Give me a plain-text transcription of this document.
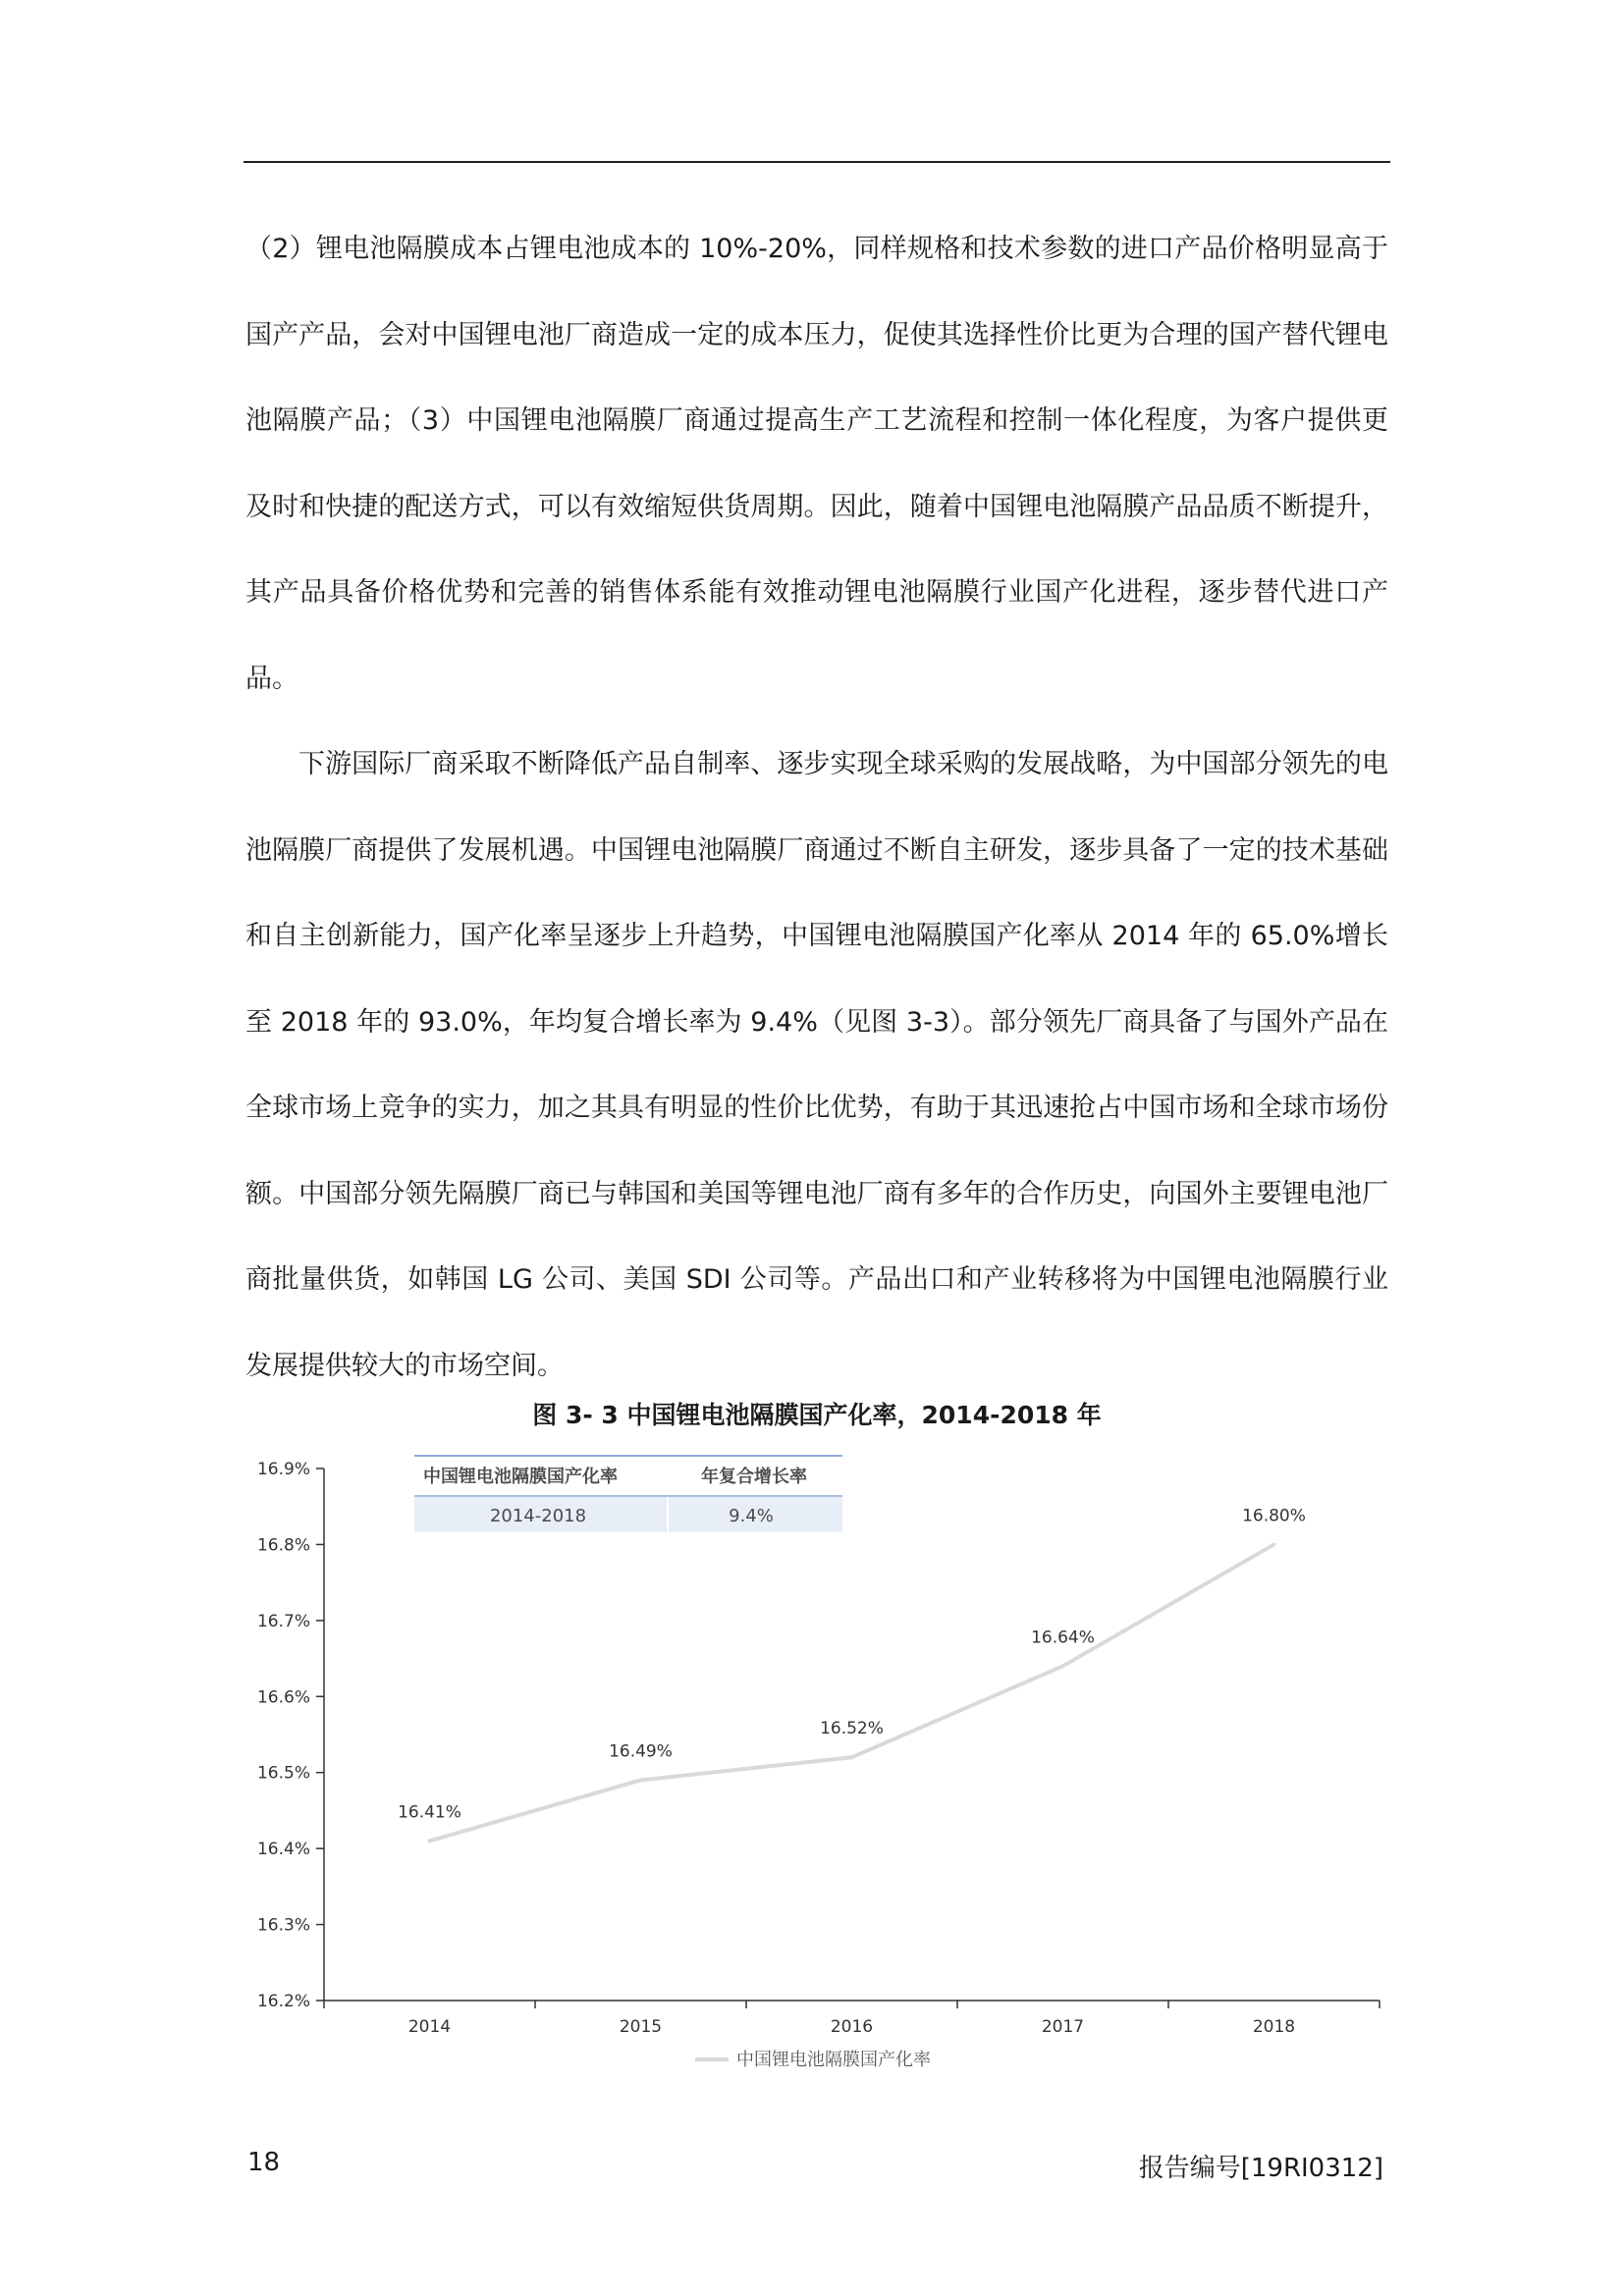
（2）锂电池隔膜成本占锂电池成本的 10%-20%，同样规格和技术参数的进口产品价格明显高于国产产品，会对中国锂电池厂商造成一定的成本压力，促使其选择性价比更为合理的国产替代锂电池隔膜产品；（3）中国锂电池隔膜厂商通过提高生产工艺流程和控制一体化程度，为客户提供更及时和快捷的配送方式，可以有效缩短供货周期。因此，随着中国锂电池隔膜产品品质不断提升，其产品具备价格优势和完善的销售体系能有效推动锂电池隔膜行业国产化进程，逐步替代进口产品。

下游国际厂商采取不断降低产品自制率、逐步实现全球采购的发展战略，为中国部分领先的电池隔膜厂商提供了发展机遇。中国锂电池隔膜厂商通过不断自主研发，逐步具备了一定的技术基础和自主创新能力，国产化率呈逐步上升趋势，中国锂电池隔膜国产化率从 2014 年的 65.0%增长至 2018 年的 93.0%，年均复合增长率为 9.4%（见图 3-3）。部分领先厂商具备了与国外产品在全球市场上竞争的实力，加之其具有明显的性价比优势，有助于其迅速抢占中国市场和全球市场份额。中国部分领先隔膜厂商已与韩国和美国等锂电池厂商有多年的合作历史，向国外主要锂电池厂商批量供货，如韩国 LG 公司、美国 SDI 公司等。产品出口和产业转移将为中国锂电池隔膜行业发展提供较大的市场空间。

图 3- 3 中国锂电池隔膜国产化率，2014-2018 年
中国锂电池隔膜国产化率	年复合增长率
2014-2018	9.4%
16.2%
16.3%
16.4%
16.5%
16.6%
16.7%
16.8%
16.9%
2014	2015	2016	2017	2018
16.41%
16.49%
16.52%
16.64%
16.80%
中国锂电池隔膜国产化率
18	报告编号[19RI0312]
